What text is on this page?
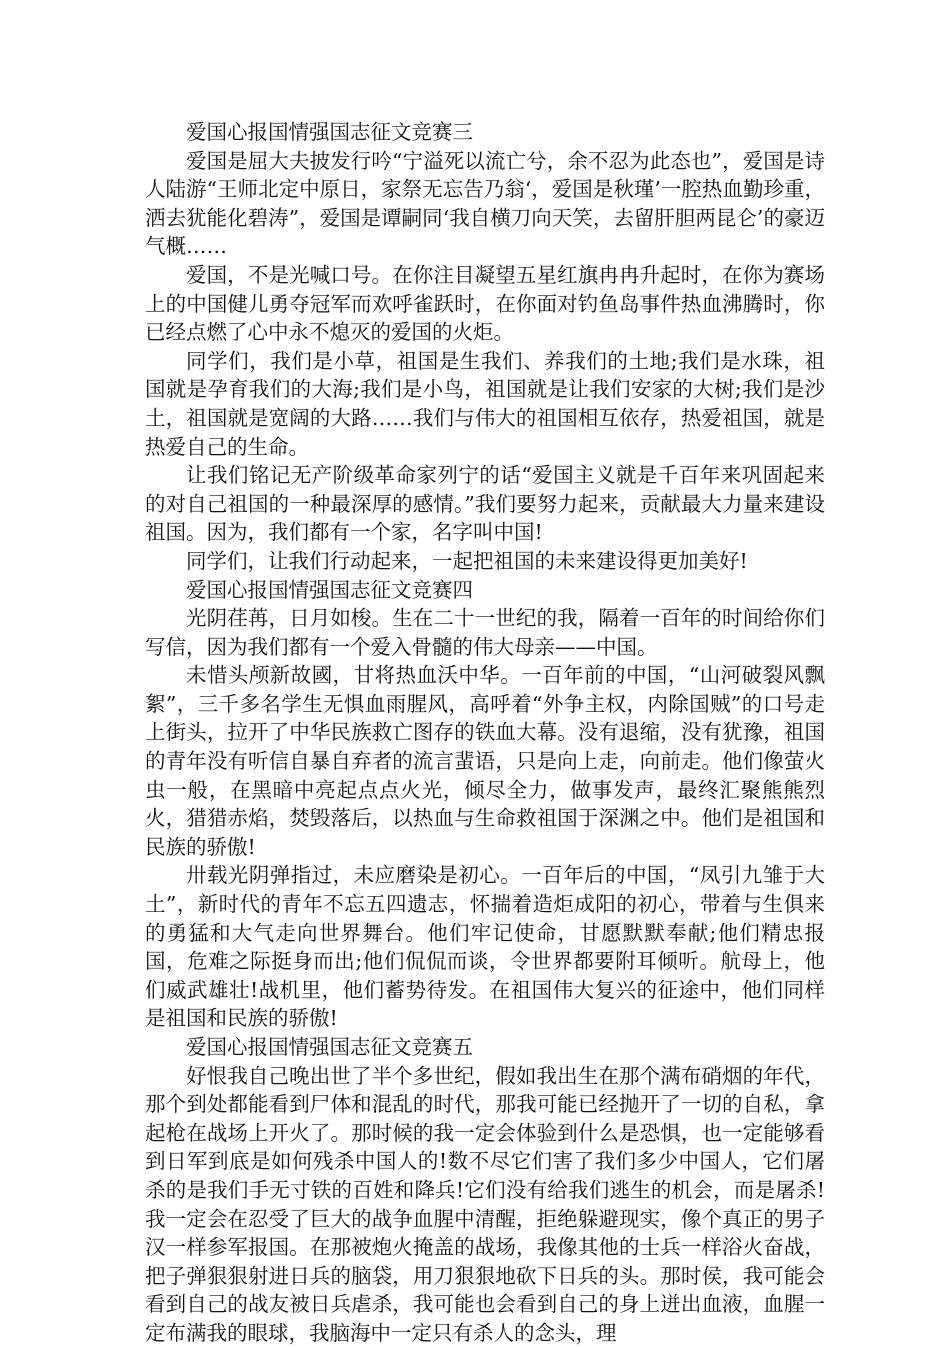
爱国心报国情强国志征文竞赛三

爱国是屈大夫披发行吟“宁溢死以流亡兮，余不忍为此态也”，爱国是诗人陆游“王师北定中原日，家祭无忘告乃翁‘，爱国是秋瑾’一腔热血勤珍重，洒去犹能化碧涛”，爱国是谭嗣同‘我自横刀向天笑，去留肝胆两昆仑’的豪迈气概……

爱国，不是光喊口号。在你注目凝望五星红旗冉冉升起时，在你为赛场上的中国健儿勇夺冠军而欢呼雀跃时，在你面对钓鱼岛事件热血沸腾时，你已经点燃了心中永不熄灭的爱国的火炬。

同学们，我们是小草，祖国是生我们、养我们的土地;我们是水珠，祖国就是孕育我们的大海;我们是小鸟，祖国就是让我们安家的大树;我们是沙土，祖国就是宽阔的大路……我们与伟大的祖国相互依存，热爱祖国，就是热爱自己的生命。

让我们铭记无产阶级革命家列宁的话“爱国主义就是千百年来巩固起来的对自己祖国的一种最深厚的感情。”我们要努力起来，贡献最大力量来建设祖国。因为，我们都有一个家，名字叫中国!

同学们，让我们行动起来，一起把祖国的未来建设得更加美好!

爱国心报国情强国志征文竞赛四

光阴荏苒，日月如梭。生在二十一世纪的我，隔着一百年的时间给你们写信，因为我们都有一个爱入骨髓的伟大母亲——中国。

未惜头颅新故國，甘将热血沃中华。一百年前的中国，“山河破裂风飘絮”，三千多名学生无惧血雨腥风，高呼着“外争主权，内除国贼”的口号走上街头，拉开了中华民族救亡图存的铁血大幕。没有退缩，没有犹豫，祖国的青年没有听信自暴自弃者的流言蜚语，只是向上走，向前走。他们像萤火虫一般，在黑暗中亮起点点火光，倾尽全力，做事发声，最终汇聚熊熊烈火，猎猎赤焰，焚毁落后，以热血与生命救祖国于深渊之中。他们是祖国和民族的骄傲!

卅载光阴弹指过，未应磨染是初心。一百年后的中国，“凤引九雏于大土”，新时代的青年不忘五四遗志，怀揣着造炬成阳的初心，带着与生俱来的勇猛和大气走向世界舞台。他们牢记使命，甘愿默默奉献;他们精忠报国，危难之际挺身而出;他们侃侃而谈，令世界都要附耳倾听。航母上，他们威武雄壮!战机里，他们蓄势待发。在祖国伟大复兴的征途中，他们同样是祖国和民族的骄傲!

爱国心报国情强国志征文竞赛五

好恨我自己晚出世了半个多世纪，假如我出生在那个满布硝烟的年代，那个到处都能看到尸体和混乱的时代，那我可能已经抛开了一切的自私，拿起枪在战场上开火了。那时候的我一定会体验到什么是恐惧，也一定能够看到日军到底是如何残杀中国人的!数不尽它们害了我们多少中国人，它们屠杀的是我们手无寸铁的百姓和降兵!它们没有给我们逃生的机会，而是屠杀!我一定会在忍受了巨大的战争血腥中清醒，拒绝躲避现实，像个真正的男子汉一样参军报国。在那被炮火掩盖的战场，我像其他的士兵一样浴火奋战，把子弹狠狠射进日兵的脑袋，用刀狠狠地砍下日兵的头。那时侯，我可能会看到自己的战友被日兵虐杀，我可能也会看到自己的身上迸出血液，血腥一定布满我的眼球，我脑海中一定只有杀人的念头，理
